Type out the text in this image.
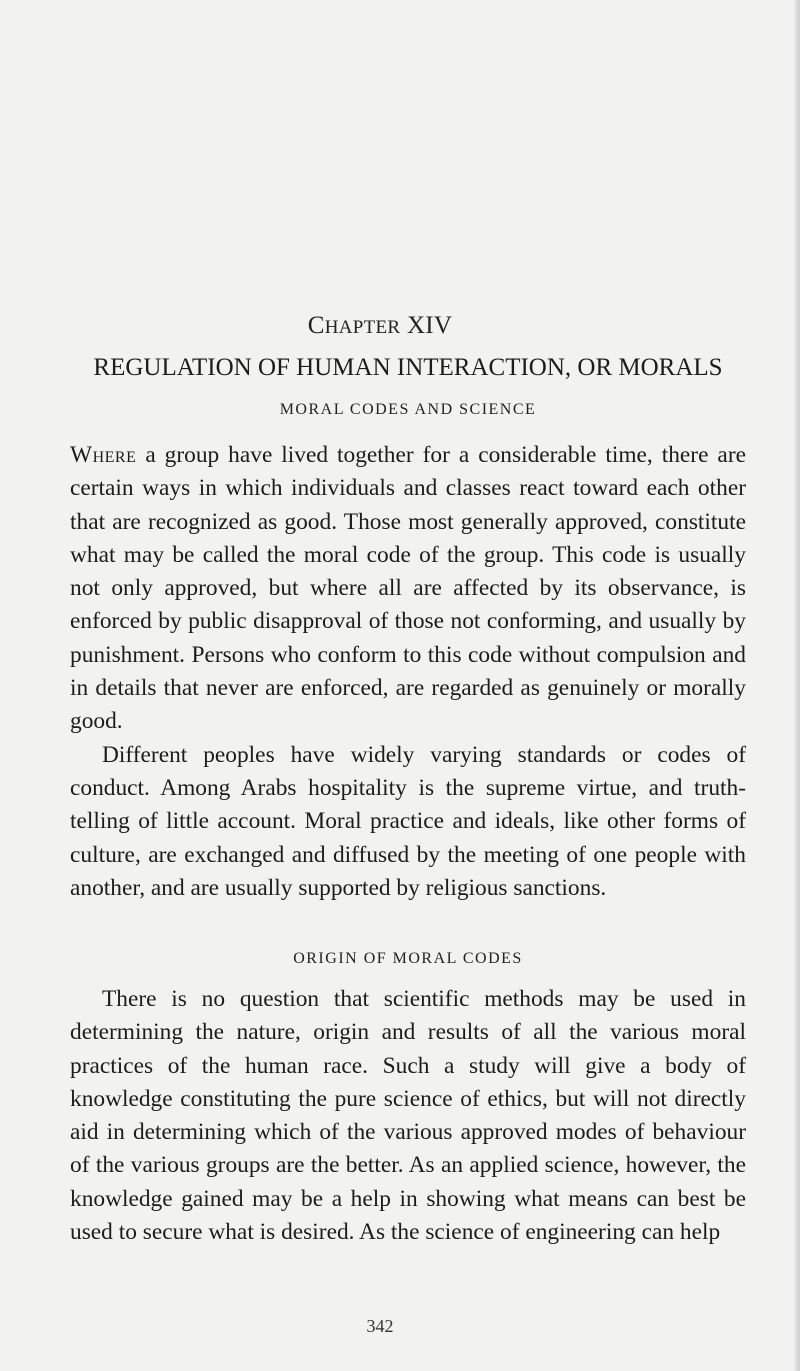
CHAPTER XIV
REGULATION OF HUMAN INTERACTION, OR MORALS
MORAL CODES AND SCIENCE

Where a group have lived together for a considerable time, there are certain ways in which individuals and classes react toward each other that are recognized as good. Those most generally approved, constitute what may be called the moral code of the group. This code is usually not only approved, but where all are affected by its observance, is enforced by public disapproval of those not conforming, and usually by punishment. Persons who conform to this code without compulsion and in details that never are enforced, are regarded as genuinely or morally good.

Different peoples have widely varying standards or codes of conduct. Among Arabs hospitality is the supreme virtue, and truth-telling of little account. Moral practice and ideals, like other forms of culture, are exchanged and diffused by the meeting of one people with another, and are usually supported by religious sanctions.

ORIGIN OF MORAL CODES

There is no question that scientific methods may be used in determining the nature, origin and results of all the various moral practices of the human race. Such a study will give a body of knowledge constituting the pure science of ethics, but will not directly aid in determining which of the various approved modes of behaviour of the various groups are the better. As an applied science, however, the knowledge gained may be a help in showing what means can best be used to secure what is desired. As the science of engineering can help

342
